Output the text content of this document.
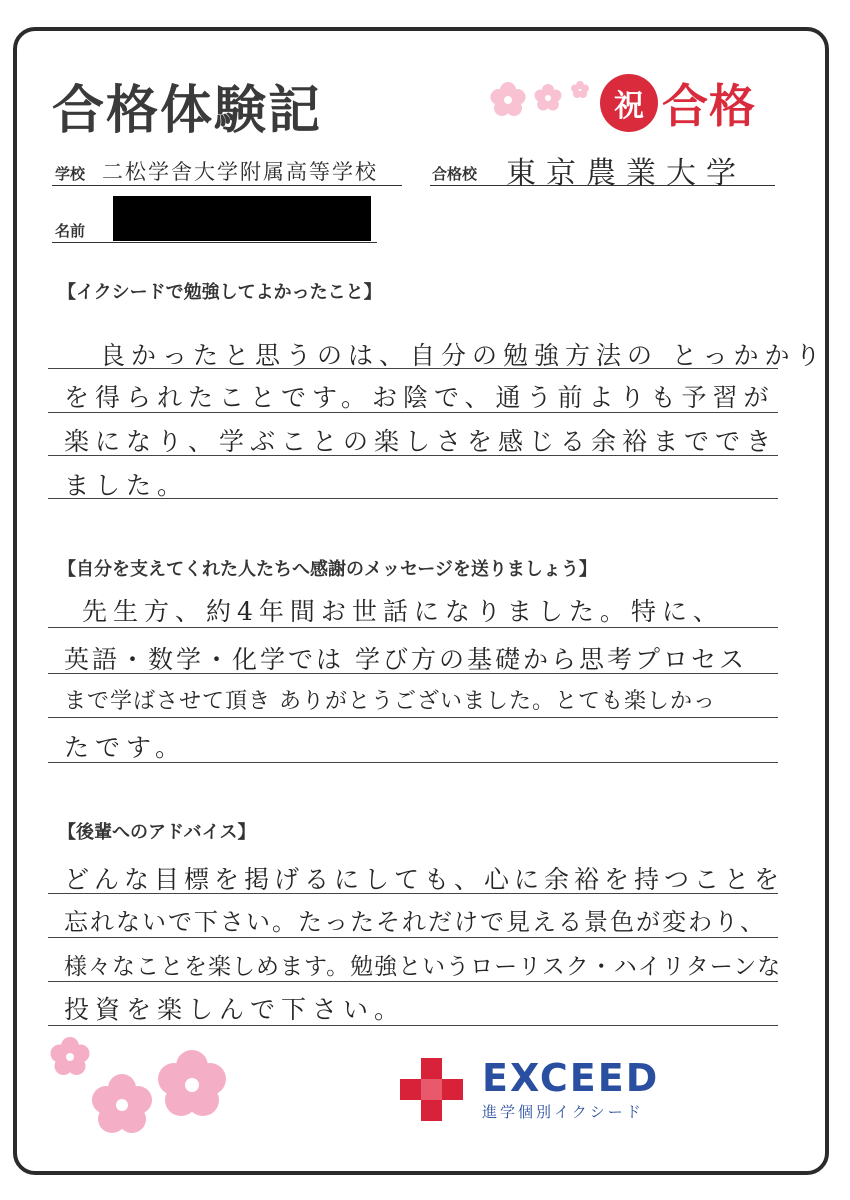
合格体験記	祝 合格
学校 二松学舎大学附属高等学校	合格校 東京農業大学
名前
【イクシードで勉強してよかったこと】
良かったと思うのは、自分の勉強方法の とっかかり
を得られたことです。お陰で、通う前よりも予習が
楽になり、学ぶことの楽しさを感じる余裕まででき
ました。
【自分を支えてくれた人たちへ感謝のメッセージを送りましょう】
先生方、約4年間お世話になりました。特に、
英語・数学・化学では 学び方の基礎から思考プロセス
まで学ばさせて頂き ありがとうございました。とても楽しかっ
たです。
【後輩へのアドバイス】
どんな目標を掲げるにしても、心に余裕を持つことを
忘れないで下さい。たったそれだけで見える景色が変わり、
様々なことを楽しめます。勉強というローリスク・ハイリターンな
投資を楽しんで下さい。
EXCEED
進学個別イクシード
